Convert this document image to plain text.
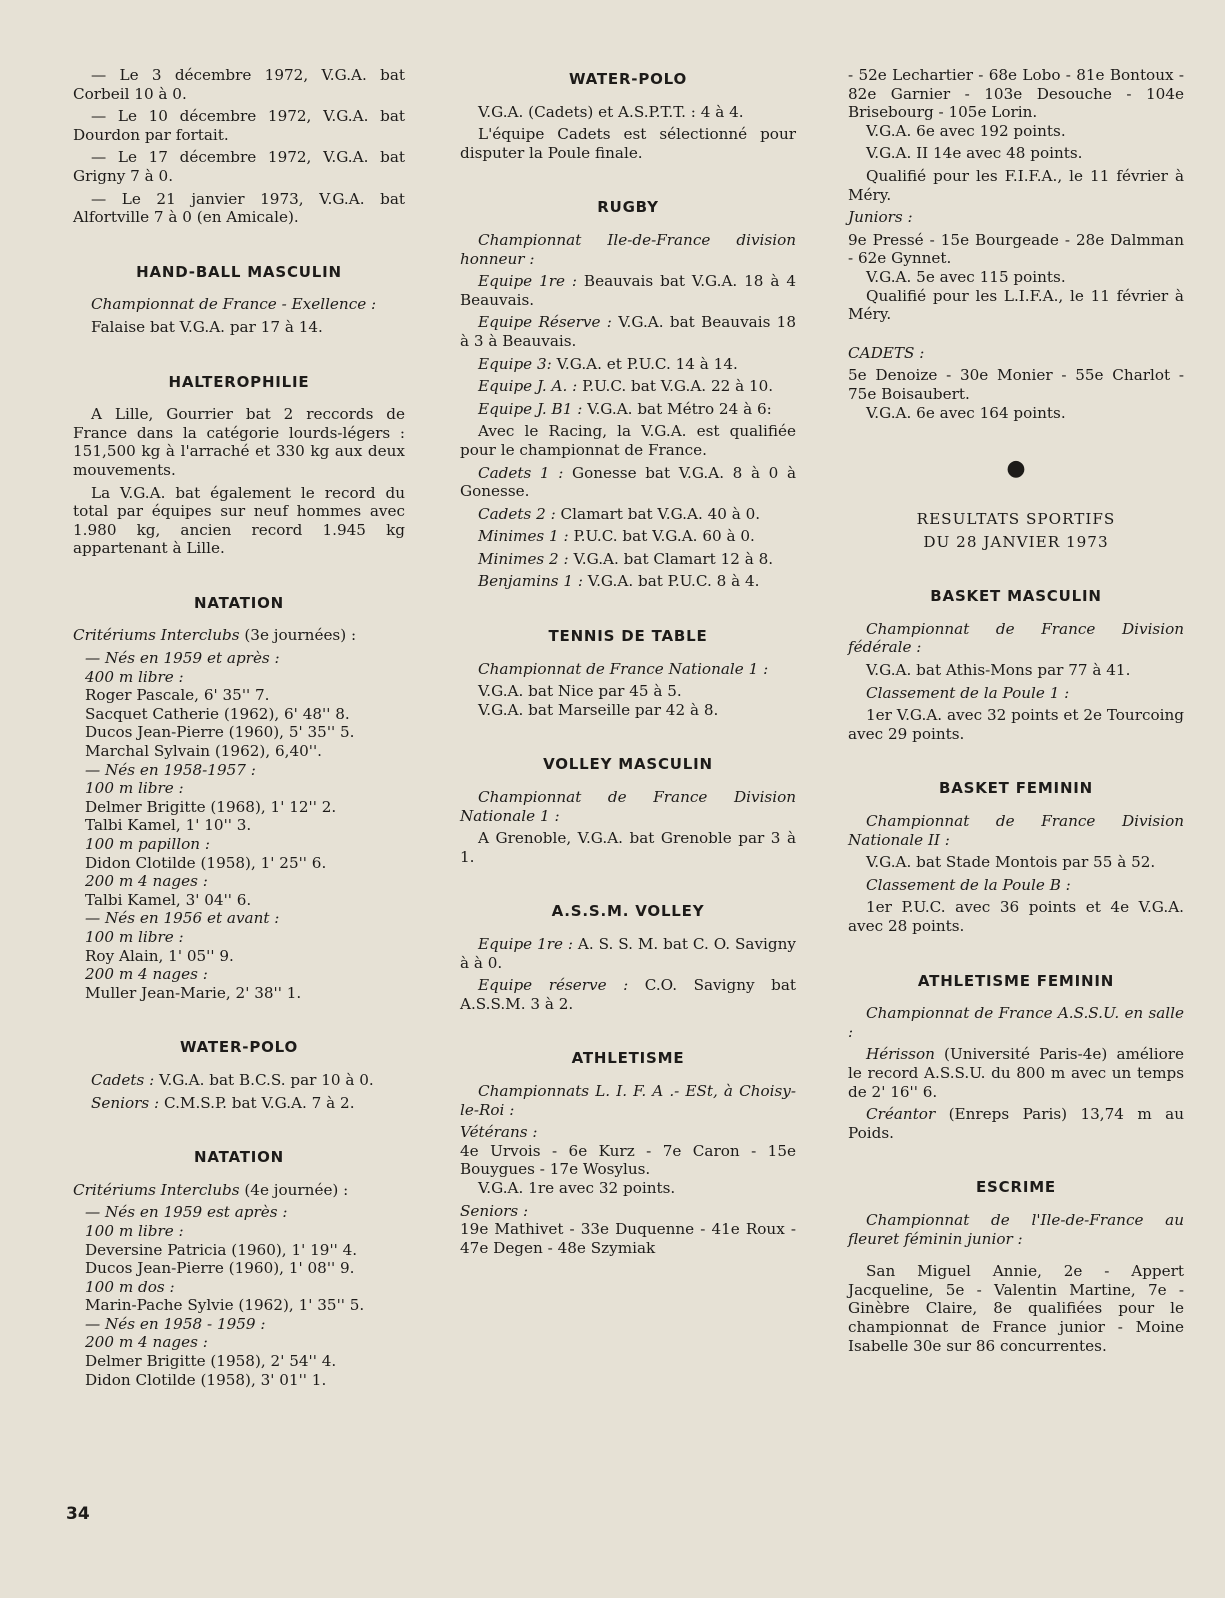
— Le 3 décembre 1972, V.G.A. bat Corbeil 10 à 0.
— Le 10 décembre 1972, V.G.A. bat Dourdon par fortait.
— Le 17 décembre 1972, V.G.A. bat Grigny 7 à 0.
— Le 21 janvier 1973, V.G.A. bat Alfortville 7 à 0 (en Amicale).
HAND-BALL MASCULIN
Championnat de France - Exellence :
Falaise bat V.G.A. par 17 à 14.
HALTEROPHILIE
A Lille, Gourrier bat 2 reccords de France dans la catégorie lourds-légers : 151,500 kg à l'arraché et 330 kg aux deux mouvements.
La V.G.A. bat également le record du total par équipes sur neuf hommes avec 1.980 kg, ancien record 1.945 kg appartenant à Lille.
NATATION
Critériums Interclubs (3e journées) :
— Nés en 1959 et après :
400 m libre :
Roger Pascale, 6' 35'' 7.
Sacquet Catherie (1962), 6' 48'' 8.
Ducos Jean-Pierre (1960), 5' 35'' 5.
Marchal Sylvain (1962), 6,40''.
— Nés en 1958-1957 :
100 m libre :
Delmer Brigitte (1968), 1' 12'' 2.
Talbi Kamel, 1' 10'' 3.
100 m papillon :
Didon Clotilde (1958), 1' 25'' 6.
200 m 4 nages :
Talbi Kamel, 3' 04'' 6.
— Nés en 1956 et avant :
100 m libre :
Roy Alain, 1' 05'' 9.
200 m 4 nages :
Muller Jean-Marie, 2' 38'' 1.
WATER-POLO
Cadets : V.G.A. bat B.C.S. par 10 à 0.
Seniors : C.M.S.P. bat V.G.A. 7 à 2.
NATATION
Critériums Interclubs (4e journée) :
— Nés en 1959 est après :
100 m libre :
Deversine Patricia (1960), 1' 19'' 4.
Ducos Jean-Pierre (1960), 1' 08'' 9.
100 m dos :
Marin-Pache Sylvie (1962), 1' 35'' 5.
— Nés en 1958 - 1959 :
200 m 4 nages :
Delmer Brigitte (1958), 2' 54'' 4.
Didon Clotilde (1958), 3' 01'' 1.
WATER-POLO
V.G.A. (Cadets) et A.S.P.T.T. : 4 à 4.
L'équipe Cadets est sélectionné pour disputer la Poule finale.
RUGBY
Championnat Ile-de-France division honneur :
Equipe 1re : Beauvais bat V.G.A. 18 à 4 Beauvais.
Equipe Réserve : V.G.A. bat Beauvais 18 à 3 à Beauvais.
Equipe 3: V.G.A. et P.U.C. 14 à 14.
Equipe J. A. : P.U.C. bat V.G.A. 22 à 10.
Equipe J. B1 : V.G.A. bat Métro 24 à 6:
Avec le Racing, la V.G.A. est qualifiée pour le championnat de France.
Cadets 1 : Gonesse bat V.G.A. 8 à 0 à Gonesse.
Cadets 2 : Clamart bat V.G.A. 40 à 0.
Minimes 1 : P.U.C. bat V.G.A. 60 à 0.
Minimes 2 : V.G.A. bat Clamart 12 à 8.
Benjamins 1 : V.G.A. bat P.U.C. 8 à 4.
TENNIS DE TABLE
Championnat de France Nationale 1 :
V.G.A. bat Nice par 45 à 5.
V.G.A. bat Marseille par 42 à 8.
VOLLEY MASCULIN
Championnat de France Division Nationale 1 :
A Grenoble, V.G.A. bat Grenoble par 3 à 1.
A.S.S.M. VOLLEY
Equipe 1re : A. S. S. M. bat C. O. Savigny à à 0.
Equipe réserve : C.O. Savigny bat A.S.S.M. 3 à 2.
ATHLETISME
Championnats L. I. F. A .- ESt, à Choisy-le-Roi :
Vétérans :
4e Urvois - 6e Kurz - 7e Caron - 15e Bouygues - 17e Wosylus.
V.G.A. 1re avec 32 points.
Seniors :
19e Mathivet - 33e Duquenne - 41e Roux - 47e Degen - 48e Szymiak
- 52e Lechartier - 68e Lobo - 81e Bontoux - 82e Garnier - 103e Desouche - 104e Brisebourg - 105e Lorin.
V.G.A. 6e avec 192 points.
V.G.A. II 14e avec 48 points.
Qualifié pour les F.I.F.A., le 11 février à Méry.
Juniors :
9e Pressé - 15e Bourgeade - 28e Dalmman - 62e Gynnet.
V.G.A. 5e avec 115 points.
Qualifié pour les L.I.F.A., le 11 février à Méry.
CADETS :
5e Denoize - 30e Monier - 55e Charlot - 75e Boisaubert.
V.G.A. 6e avec 164 points.
●
RESULTATS SPORTIFS
DU 28 JANVIER 1973
BASKET MASCULIN
Championnat de France Division fédérale :
V.G.A. bat Athis-Mons par 77 à 41.
Classement de la Poule 1 :
1er V.G.A. avec 32 points et 2e Tourcoing avec 29 points.
BASKET FEMININ
Championnat de France Division Nationale II :
V.G.A. bat Stade Montois par 55 à 52.
Classement de la Poule B :
1er P.U.C. avec 36 points et 4e V.G.A. avec 28 points.
ATHLETISME FEMININ
Championnat de France A.S.S.U. en salle :
Hérisson (Université Paris-4e) améliore le record A.S.S.U. du 800 m avec un temps de 2' 16'' 6.
Créantor (Enreps Paris) 13,74 m au Poids.
ESCRIME
Championnat de l'Ile-de-France au fleuret féminin junior :
San Miguel Annie, 2e - Appert Jacqueline, 5e - Valentin Martine, 7e - Ginèbre Claire, 8e qualifiées pour le championnat de France junior - Moine Isabelle 30e sur 86 concurrentes.
34
